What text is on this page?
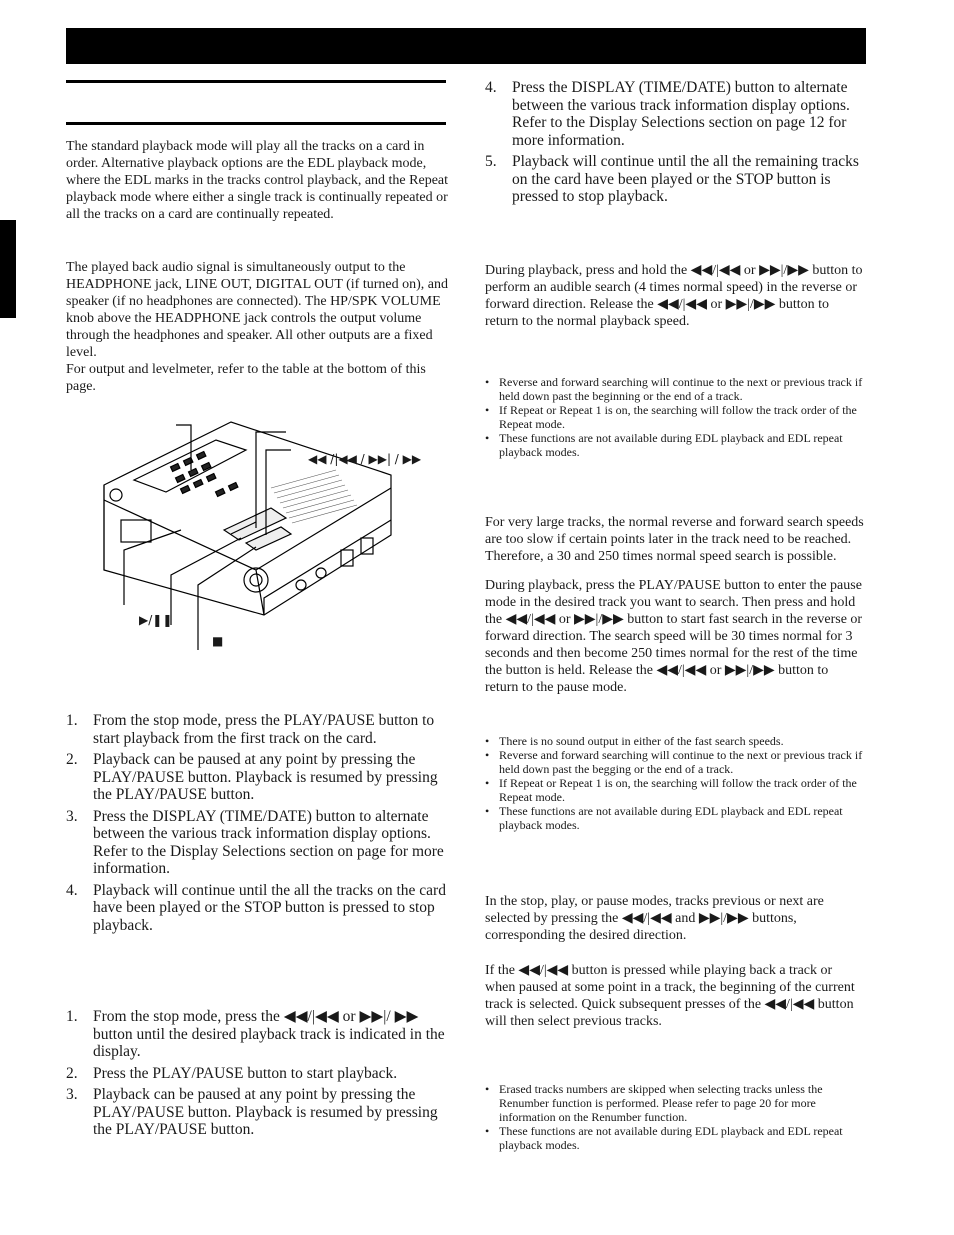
The standard playback mode will play all the tracks on a card in order. Alternative playback options are the EDL playback mode, where the EDL marks in the tracks control playback, and the Repeat playback mode where either a single track is continually repeated or all the tracks on a card are continually repeated.

The played back audio signal is simultaneously output to the HEADPHONE jack, LINE OUT, DIGITAL OUT (if turned on), and speaker (if no headphones are connected). The HP/SPK VOLUME knob above the HEADPHONE jack controls the output volume through the headphones and speaker. All other outputs are a fixed level.

For output and levelmeter, refer to the table at the bottom of this page.

◀◀ /|◀◀ / ▶▶| / ▶▶
▶/❚❚
■
1. From the stop mode, press the PLAY/PAUSE button to start playback from the first track on the card.
2. Playback can be paused at any point by pressing the PLAY/PAUSE button. Playback is resumed by pressing the PLAY/PAUSE button.
3. Press the DISPLAY (TIME/DATE) button to alternate between the various track information display options. Refer to the Display Selections section on page for more information.
4. Playback will continue until the all the tracks on the card have been played or the STOP button is pressed to stop playback.
1. From the stop mode, press the ◀◀/|◀◀ or ▶▶|/ ▶▶ button until the desired playback track is indicated in the display.
2. Press the PLAY/PAUSE button to start playback.
3. Playback can be paused at any point by pressing the PLAY/PAUSE button. Playback is resumed by pressing the PLAY/PAUSE button.
4. Press the DISPLAY (TIME/DATE) button to alternate between the various track information display options. Refer to the Display Selections section on page 12 for more information.
5. Playback will continue until the all the remaining tracks on the card have been played or the STOP button is pressed to stop playback.

During playback, press and hold the ◀◀/|◀◀ or ▶▶|/▶▶ button to perform an audible search (4 times normal speed) in the reverse or forward direction. Release the ◀◀/|◀◀ or ▶▶|/▶▶ button to return to the normal playback speed.

• Reverse and forward searching will continue to the next or previous track if held down past the beginning or the end of a track.
• If Repeat or Repeat 1 is on, the searching will follow the track order of the Repeat mode.
• These functions are not available during EDL playback and EDL repeat playback modes.

For very large tracks, the normal reverse and forward search speeds are too slow if certain points later in the track need to be reached. Therefore, a 30 and 250 times normal speed search is possible.

During playback, press the PLAY/PAUSE button to enter the pause mode in the desired track you want to search. Then press and hold the ◀◀/|◀◀ or ▶▶|/▶▶ button to start fast search in the reverse or forward direction. The search speed will be 30 times normal for 3 seconds and then become 250 times normal for the rest of the time the button is held. Release the ◀◀/|◀◀ or ▶▶|/▶▶ button to return to the pause mode.

• There is no sound output in either of the fast search speeds.
• Reverse and forward searching will continue to the next or previous track if held down past the begging or the end of a track.
• If Repeat or Repeat 1 is on, the searching will follow the track order of the Repeat mode.
• These functions are not available during EDL playback and EDL repeat playback modes.

In the stop, play, or pause modes, tracks previous or next are selected by pressing the ◀◀/|◀◀ and ▶▶|/▶▶ buttons, corresponding the desired direction.

If the ◀◀/|◀◀ button is pressed while playing back a track or when paused at some point in a track, the beginning of the current track is selected. Quick subsequent presses of the ◀◀/|◀◀ button will then select previous tracks.

• Erased tracks numbers are skipped when selecting tracks unless the Renumber function is performed. Please refer to page 20 for more information on the Renumber function.
• These functions are not available during EDL playback and EDL repeat playback modes.
